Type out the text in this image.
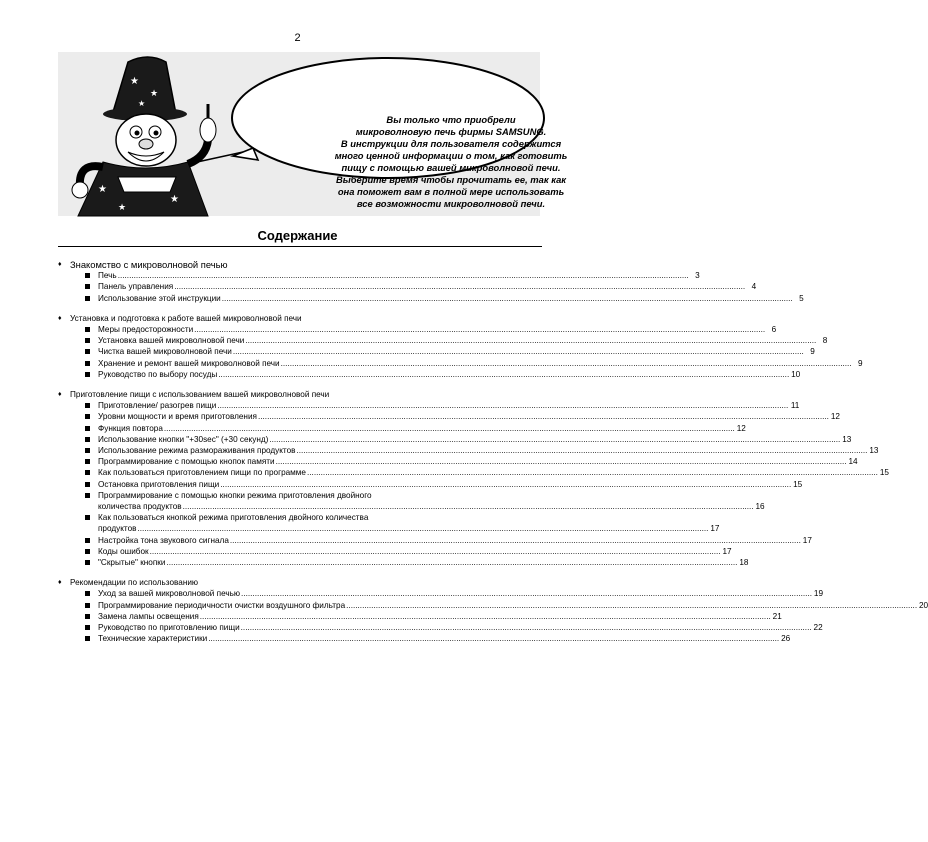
2
★
★
★
★
★
★
Вы только что приобрели
микроволновую печь фирмы SAMSUNG.
В инструкции для пользователя содержится
много ценной информации о том, как готовить
пищу с помощью вашей микроволновой печи.
Выберите время чтобы прочитать ее, так как
она поможет вам в полной мере использовать
все возможности микроволновой печи.
Содержание
♦ Знакомство с микроволновой печью
Печь .....	3
Панель управления .....	4
Использование этой инструкции .....	5
♦ Установка и подготовка к работе вашей микроволновой печи
Меры предосторожности .....	6
Установка вашей микроволновой печи .....	8
Чистка вашей микроволновой печи .....	9
Хранение и ремонт вашей микроволновой печи .....	9
Руководство по выбору посуды .....	10
♦ Приготовление пищи с использованием вашей микроволновой печи
Приготовление/ разогрев пищи .....	11
Уровни мощности и время приготовления .....	12
Функция повтора .....	12
Использование кнопки "+30sec" (+30 секунд) .....	13
Использование режима размораживания продуктов .....	13
Программирование с помощью кнопок памяти .....	14
Как пользоваться приготовлением пищи по программе .....	15
Остановка приготовления пищи .....	15
Программирование с помощью кнопки режима приготовления двойного
количества продуктов .....	16
Как пользоваться кнопкой режима приготовления двойного количества
продуктов .....	17
Настройка тона звукового сигнала .....	17
Коды ошибок .....	17
"Скрытые" кнопки .....	18
♦ Рекомендации по использованию
Уход за вашей микроволновой печью .....	19
Программирование периодичности очистки воздушного фильтра .....	20
Замена лампы освещения .....	21
Руководство по приготовлению пищи .....	22
Технические характеристики .....	26
